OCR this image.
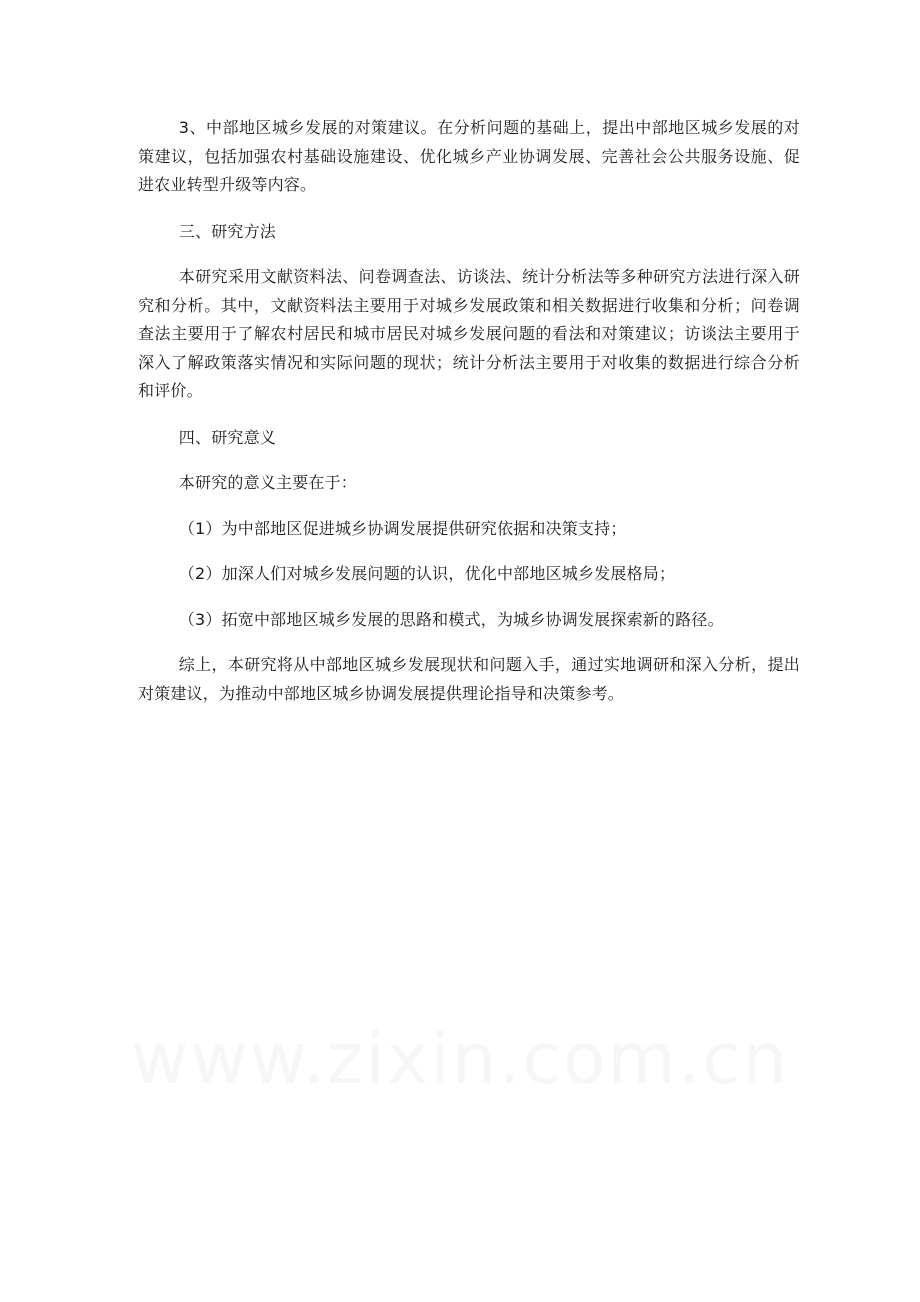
3、中部地区城乡发展的对策建议。在分析问题的基础上，提出中部地区城乡发展的对策建议，包括加强农村基础设施建设、优化城乡产业协调发展、完善社会公共服务设施、促进农业转型升级等内容。

三、研究方法

本研究采用文献资料法、问卷调查法、访谈法、统计分析法等多种研究方法进行深入研究和分析。其中，文献资料法主要用于对城乡发展政策和相关数据进行收集和分析；问卷调查法主要用于了解农村居民和城市居民对城乡发展问题的看法和对策建议；访谈法主要用于深入了解政策落实情况和实际问题的现状；统计分析法主要用于对收集的数据进行综合分析和评价。

四、研究意义

本研究的意义主要在于：

（1）为中部地区促进城乡协调发展提供研究依据和决策支持；

（2）加深人们对城乡发展问题的认识，优化中部地区城乡发展格局；

（3）拓宽中部地区城乡发展的思路和模式，为城乡协调发展探索新的路径。

综上，本研究将从中部地区城乡发展现状和问题入手，通过实地调研和深入分析，提出对策建议，为推动中部地区城乡协调发展提供理论指导和决策参考。

www.zixin.com.cn
